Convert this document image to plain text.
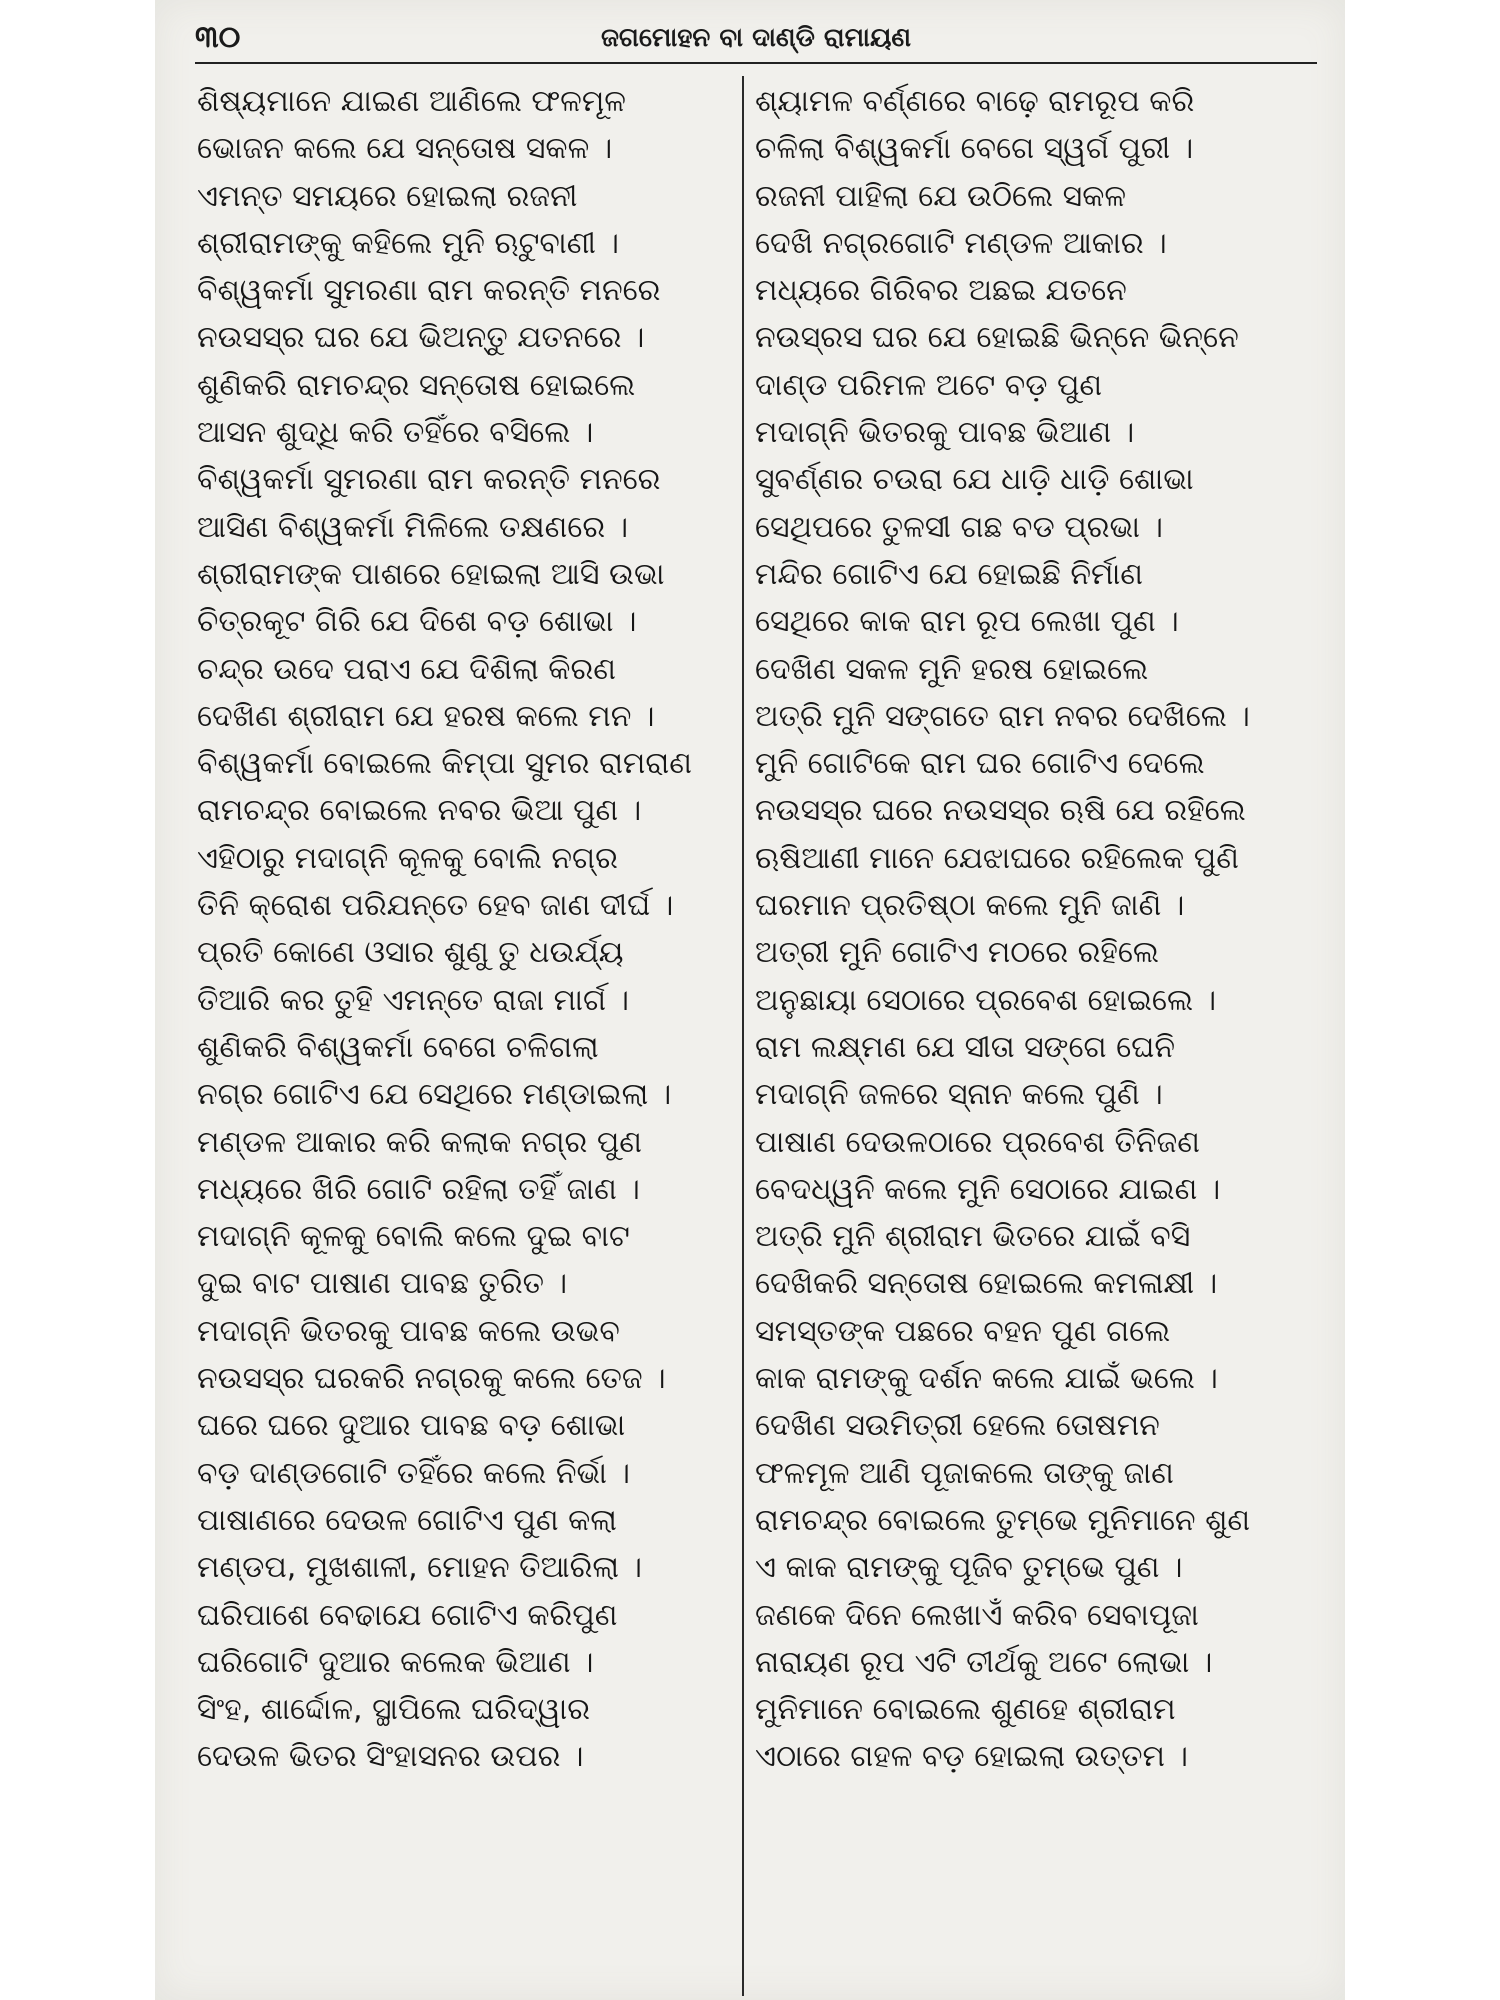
୩୦	ଜଗମୋହନ ବା ଦାଣ୍ଡି ରାମାୟଣ
ଶିଷ୍ୟମାନେ ଯାଇଣ ଆଣିଲେ ଫଳମୂଳ
ଭୋଜନ କଲେ ଯେ ସନ୍ତୋଷ ସକଳ ।
ଏମନ୍ତ ସମୟରେ ହୋଇଲା ରଜନୀ
ଶ୍ରୀରାମଙ୍କୁ କହିଲେ ମୁନି ଋଟୁବାଣୀ ।
ବିଶ୍ୱକର୍ମା ସୁମରଣା ରାମ କରନ୍ତି ମନରେ
ନଉସସ୍ର ଘର ଯେ ଭିଅନ୍ତୁ ଯତନରେ ।
ଶୁଣିକରି ରାମଚନ୍ଦ୍ର ସନ୍ତୋଷ ହୋଇଲେ
ଆସନ ଶୁଦ୍ଧି କରି ତହିଁରେ ବସିଲେ ।
ବିଶ୍ୱକର୍ମା ସୁମରଣା ରାମ କରନ୍ତି ମନରେ
ଆସିଣ ବିଶ୍ୱକର୍ମା ମିଳିଲେ ତକ୍ଷଣରେ ।
ଶ୍ରୀରାମଙ୍କ ପାଶରେ ହୋଇଲା ଆସି ଉଭା
ଚିତ୍ରକୂଟ ଗିରି ଯେ ଦିଶେ ବଡ଼ ଶୋଭା ।
ଚନ୍ଦ୍ର ଉଦେ ପରାଏ ଯେ ଦିଶିଲା କିରଣ
ଦେଖିଣ ଶ୍ରୀରାମ ଯେ ହରଷ କଲେ ମନ ।
ବିଶ୍ୱକର୍ମା ବୋଇଲେ କିମ୍ପା ସୁମର ରାମରାଣ
ରାମଚନ୍ଦ୍ର ବୋଇଲେ ନବର ଭିଆ ପୁଣ ।
ଏହିଠାରୁ ମଦାଗ୍ନି କୂଳକୁ ବୋଲି ନଗ୍ର
ତିନି କ୍ରୋଶ ପରିଯନ୍ତେ ହେବ ଜାଣ ଦୀର୍ଘ ।
ପ୍ରତି କୋଣେ ଓସାର ଶୁଣୁ ତୁ ଧଉର୍ଯ୍ୟ
ତିଆରି କର ତୁହି ଏମନ୍ତେ ରାଜା ମାର୍ଗ ।
ଶୁଣିକରି ବିଶ୍ୱକର୍ମା ବେଗେ ଚଳିଗଲା
ନଗ୍ର ଗୋଟିଏ ଯେ ସେଥିରେ ମଣ୍ଡାଇଲା ।
ମଣ୍ଡଳ ଆକାର କରି କଲାକ ନଗ୍ର ପୁଣ
ମଧ୍ୟରେ ଖିରି ଗୋଟି ରହିଲା ତହିଁ ଜାଣ ।
ମଦାଗ୍ନି କୂଳକୁ ବୋଲି କଲେ ଦୁଇ ବାଟ
ଦୁଇ ବାଟ ପାଷାଣ ପାବଛ ତୁରିତ ।
ମଦାଗ୍ନି ଭିତରକୁ ପାବଛ କଲେ ଉଭବ
ନଉସସ୍ର ଘରକରି ନଗ୍ରକୁ କଲେ ତେଜ ।
ଘରେ ଘରେ ଦୁଆର ପାବଛ ବଡ଼ ଶୋଭା
ବଡ଼ ଦାଣ୍ଡଗୋଟି ତହିଁରେ କଲେ ନିର୍ଭା ।
ପାଷାଣରେ ଦେଉଳ ଗୋଟିଏ ପୁଣ କଲା
ମଣ୍ଡପ, ମୁଖଶାଳୀ, ମୋହନ ତିଆରିଲା ।
ଘରିପାଶେ ବେଢାଯେ ଗୋଟିଏ କରିପୁଣ
ଘରିଗୋଟି ଦୁଆର କଲେକ ଭିଆଣ ।
ସିଂହ, ଶାର୍ଦ୍ଦୋଳ, ସ୍ଥାପିଲେ ଘରିଦ୍ୱାର
ଦେଉଳ ଭିତର ସିଂହାସନର ଉପର ।
ଶ୍ୟାମଳ ବର୍ଣ୍ଣରେ ବାଢ଼େ ରାମରୂପ କରି
ଚଳିଲା ବିଶ୍ୱକର୍ମା ବେଗେ ସ୍ୱର୍ଗ ପୁରୀ ।
ରଜନୀ ପାହିଲା ଯେ ଉଠିଲେ ସକଳ
ଦେଖି ନଗ୍ରଗୋଟି ମଣ୍ଡଳ ଆକାର ।
ମଧ୍ୟରେ ଗିରିବର ଅଛଇ ଯତନେ
ନଉସ୍ରସ ଘର ଯେ ହୋଇଛି ଭିନ୍ନେ ଭିନ୍ନେ
ଦାଣ୍ଡ ପରିମଳ ଅଟେ ବଡ଼ ପୁଣ
ମଦାଗ୍ନି ଭିତରକୁ ପାବଛ ଭିଆଣ ।
ସୁବର୍ଣ୍ଣର ଚଉରା ଯେ ଧାଡ଼ି ଧାଡ଼ି ଶୋଭା
ସେଥିପରେ ତୁଳସୀ ଗଛ ବଡ ପ୍ରଭା ।
ମନ୍ଦିର ଗୋଟିଏ ଯେ ହୋଇଛି ନିର୍ମାଣ
ସେଥିରେ କାକ ରାମ ରୂପ ଲେଖା ପୁଣ ।
ଦେଖିଣ ସକଳ ମୁନି ହରଷ ହୋଇଲେ
ଅତ୍ରି ମୁନି ସଙ୍ଗତେ ରାମ ନବର ଦେଖିଲେ ।
ମୁନି ଗୋଟିକେ ରାମ ଘର ଗୋଟିଏ ଦେଲେ
ନଉସସ୍ର ଘରେ ନଉସସ୍ର ଋଷି ଯେ ରହିଲେ
ଋଷିଆଣୀ ମାନେ ଯେଝାଘରେ ରହିଲେକ ପୁଣି
ଘରମାନ ପ୍ରତିଷ୍ଠା କଲେ ମୁନି ଜାଣି ।
ଅତ୍ରୀ ମୁନି ଗୋଟିଏ ମଠରେ ରହିଲେ
ଅନୁଛାୟା ସେଠାରେ ପ୍ରବେଶ ହୋଇଲେ ।
ରାମ ଲକ୍ଷ୍ମଣ ଯେ ସୀତା ସଙ୍ଗେ ଘେନି
ମଦାଗ୍ନି ଜଳରେ ସ୍ନାନ କଲେ ପୁଣି ।
ପାଷାଣ ଦେଉଳଠାରେ ପ୍ରବେଶ ତିନିଜଣ
ବେଦଧ୍ୱନି କଲେ ମୁନି ସେଠାରେ ଯାଇଣ ।
ଅତ୍ରି ମୁନି ଶ୍ରୀରାମ ଭିତରେ ଯାଇଁ ବସି
ଦେଖିକରି ସନ୍ତୋଷ ହୋଇଲେ କମଳାକ୍ଷୀ ।
ସମସ୍ତଙ୍କ ପଛରେ ବହନ ପୁଣ ଗଲେ
କାକ ରାମଙ୍କୁ ଦର୍ଶନ କଲେ ଯାଇଁ ଭଲେ ।
ଦେଖିଣ ସଉମିତ୍ରୀ ହେଲେ ତୋଷମନ
ଫଳମୂଳ ଆଣି ପୂଜାକଲେ ତାଙ୍କୁ ଜାଣ
ରାମଚନ୍ଦ୍ର ବୋଇଲେ ତୁମ୍ଭେ ମୁନିମାନେ ଶୁଣ
ଏ କାକ ରାମଙ୍କୁ ପୂଜିବ ତୁମ୍ଭେ ପୁଣ ।
ଜଣକେ ଦିନେ ଲେଖାଏଁ କରିବ ସେବାପୂଜା
ନାରାୟଣ ରୂପ ଏଟି ତୀର୍ଥକୁ ଅଟେ ଲୋଭା ।
ମୁନିମାନେ ବୋଇଲେ ଶୁଣହେ ଶ୍ରୀରାମ
ଏଠାରେ ଗହଳ ବଡ଼ ହୋଇଲା ଉତ୍ତମ ।
